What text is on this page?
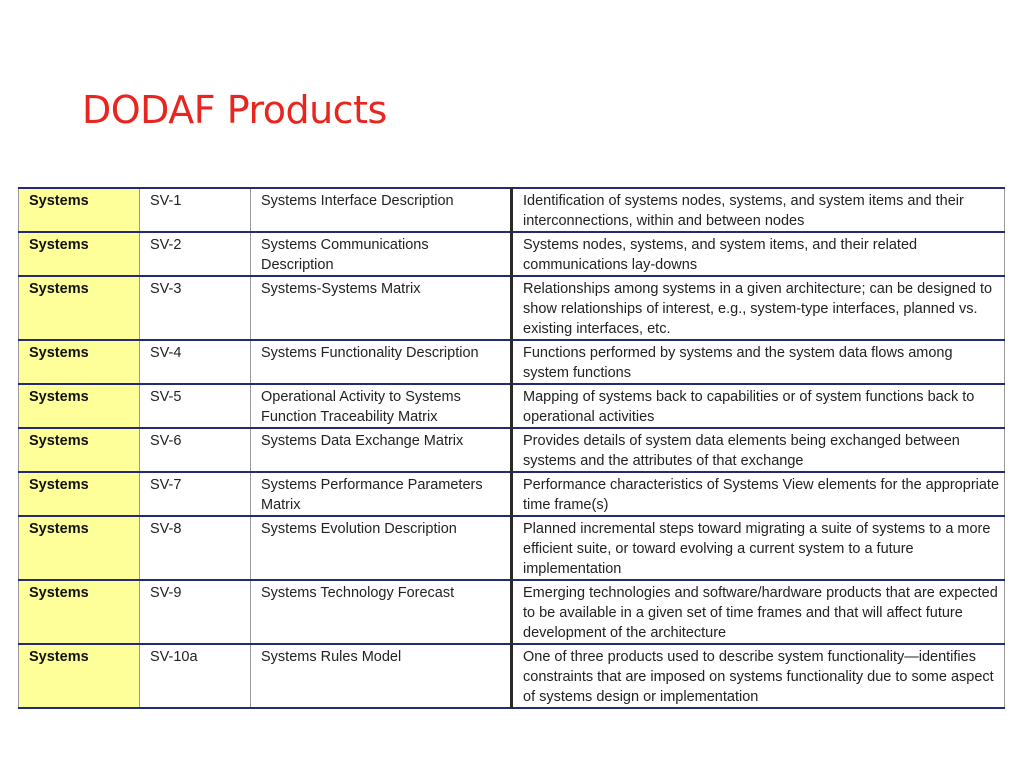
DODAF Products
Systems	SV-1	Systems Interface Description	Identification of systems nodes, systems, and system items and their interconnections, within and between nodes
Systems	SV-2	Systems Communications Description	Systems nodes, systems, and system items, and their related communications lay-downs
Systems	SV-3	Systems-Systems Matrix	Relationships among systems in a given architecture; can be designed to show relationships of interest, e.g., system-type interfaces, planned vs. existing interfaces, etc.
Systems	SV-4	Systems Functionality Description	Functions performed by systems and the system data flows among system functions
Systems	SV-5	Operational Activity to Systems Function Traceability Matrix	Mapping of systems back to capabilities or of system functions back to operational activities
Systems	SV-6	Systems Data Exchange Matrix	Provides details of system data elements being exchanged between systems and the attributes of that exchange
Systems	SV-7	Systems Performance Parameters Matrix	Performance characteristics of Systems View elements for the appropriate time frame(s)
Systems	SV-8	Systems Evolution Description	Planned incremental steps toward migrating a suite of systems to a more efficient suite, or toward evolving a current system to a future implementation
Systems	SV-9	Systems Technology Forecast	Emerging technologies and software/hardware products that are expected to be available in a given set of time frames and that will affect future development of the architecture
Systems	SV-10a	Systems Rules Model	One of three products used to describe system functionality—identifies constraints that are imposed on systems functionality due to some aspect of systems design or implementation
